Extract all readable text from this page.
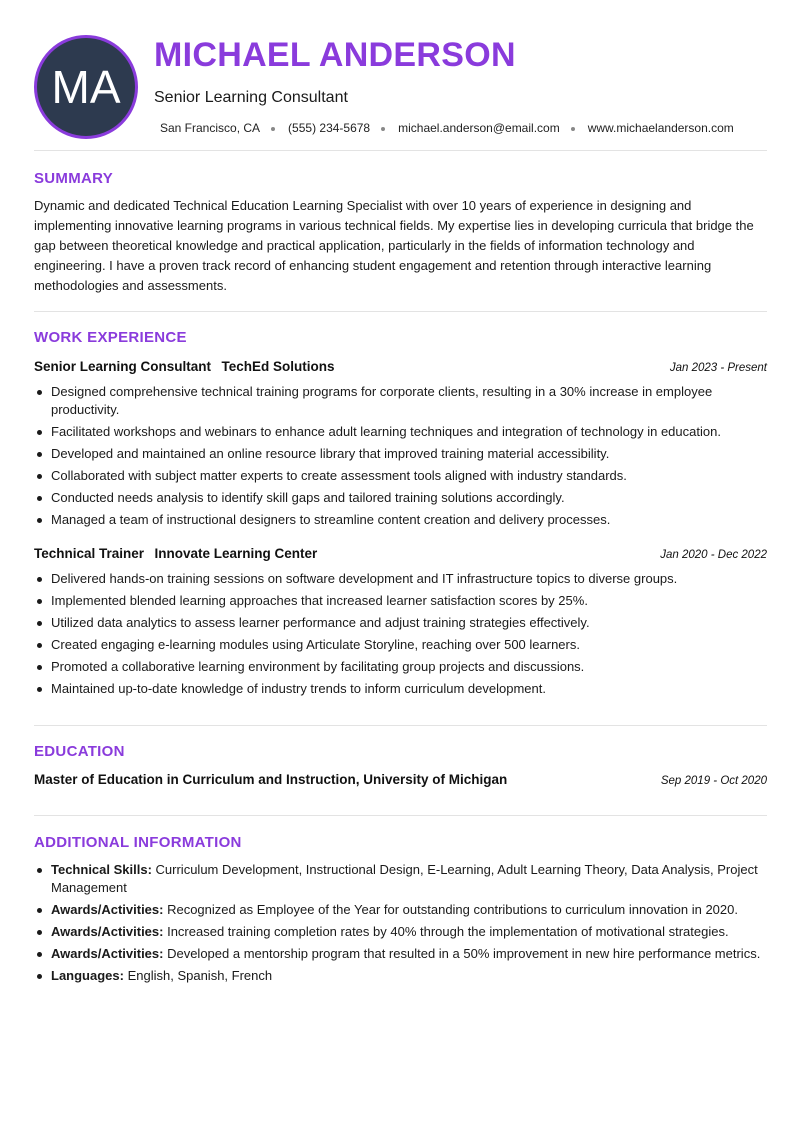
MA
MICHAEL ANDERSON
Senior Learning Consultant
San Francisco, CA (555) 234-5678 michael.anderson@email.com www.michaelanderson.com
SUMMARY
Dynamic and dedicated Technical Education Learning Specialist with over 10 years of experience in designing and implementing innovative learning programs in various technical fields. My expertise lies in developing curricula that bridge the gap between theoretical knowledge and practical application, particularly in the fields of information technology and engineering. I have a proven track record of enhancing student engagement and retention through interactive learning methodologies and assessments.
WORK EXPERIENCE
Senior Learning Consultant TechEd Solutions	Jan 2023 - Present
Designed comprehensive technical training programs for corporate clients, resulting in a 30% increase in employee productivity.
Facilitated workshops and webinars to enhance adult learning techniques and integration of technology in education.
Developed and maintained an online resource library that improved training material accessibility.
Collaborated with subject matter experts to create assessment tools aligned with industry standards.
Conducted needs analysis to identify skill gaps and tailored training solutions accordingly.
Managed a team of instructional designers to streamline content creation and delivery processes.
Technical Trainer Innovate Learning Center	Jan 2020 - Dec 2022
Delivered hands-on training sessions on software development and IT infrastructure topics to diverse groups.
Implemented blended learning approaches that increased learner satisfaction scores by 25%.
Utilized data analytics to assess learner performance and adjust training strategies effectively.
Created engaging e-learning modules using Articulate Storyline, reaching over 500 learners.
Promoted a collaborative learning environment by facilitating group projects and discussions.
Maintained up-to-date knowledge of industry trends to inform curriculum development.
EDUCATION
Master of Education in Curriculum and Instruction, University of Michigan	Sep 2019 - Oct 2020
ADDITIONAL INFORMATION
Technical Skills: Curriculum Development, Instructional Design, E-Learning, Adult Learning Theory, Data Analysis, Project Management
Awards/Activities: Recognized as Employee of the Year for outstanding contributions to curriculum innovation in 2020.
Awards/Activities: Increased training completion rates by 40% through the implementation of motivational strategies.
Awards/Activities: Developed a mentorship program that resulted in a 50% improvement in new hire performance metrics.
Languages: English, Spanish, French
